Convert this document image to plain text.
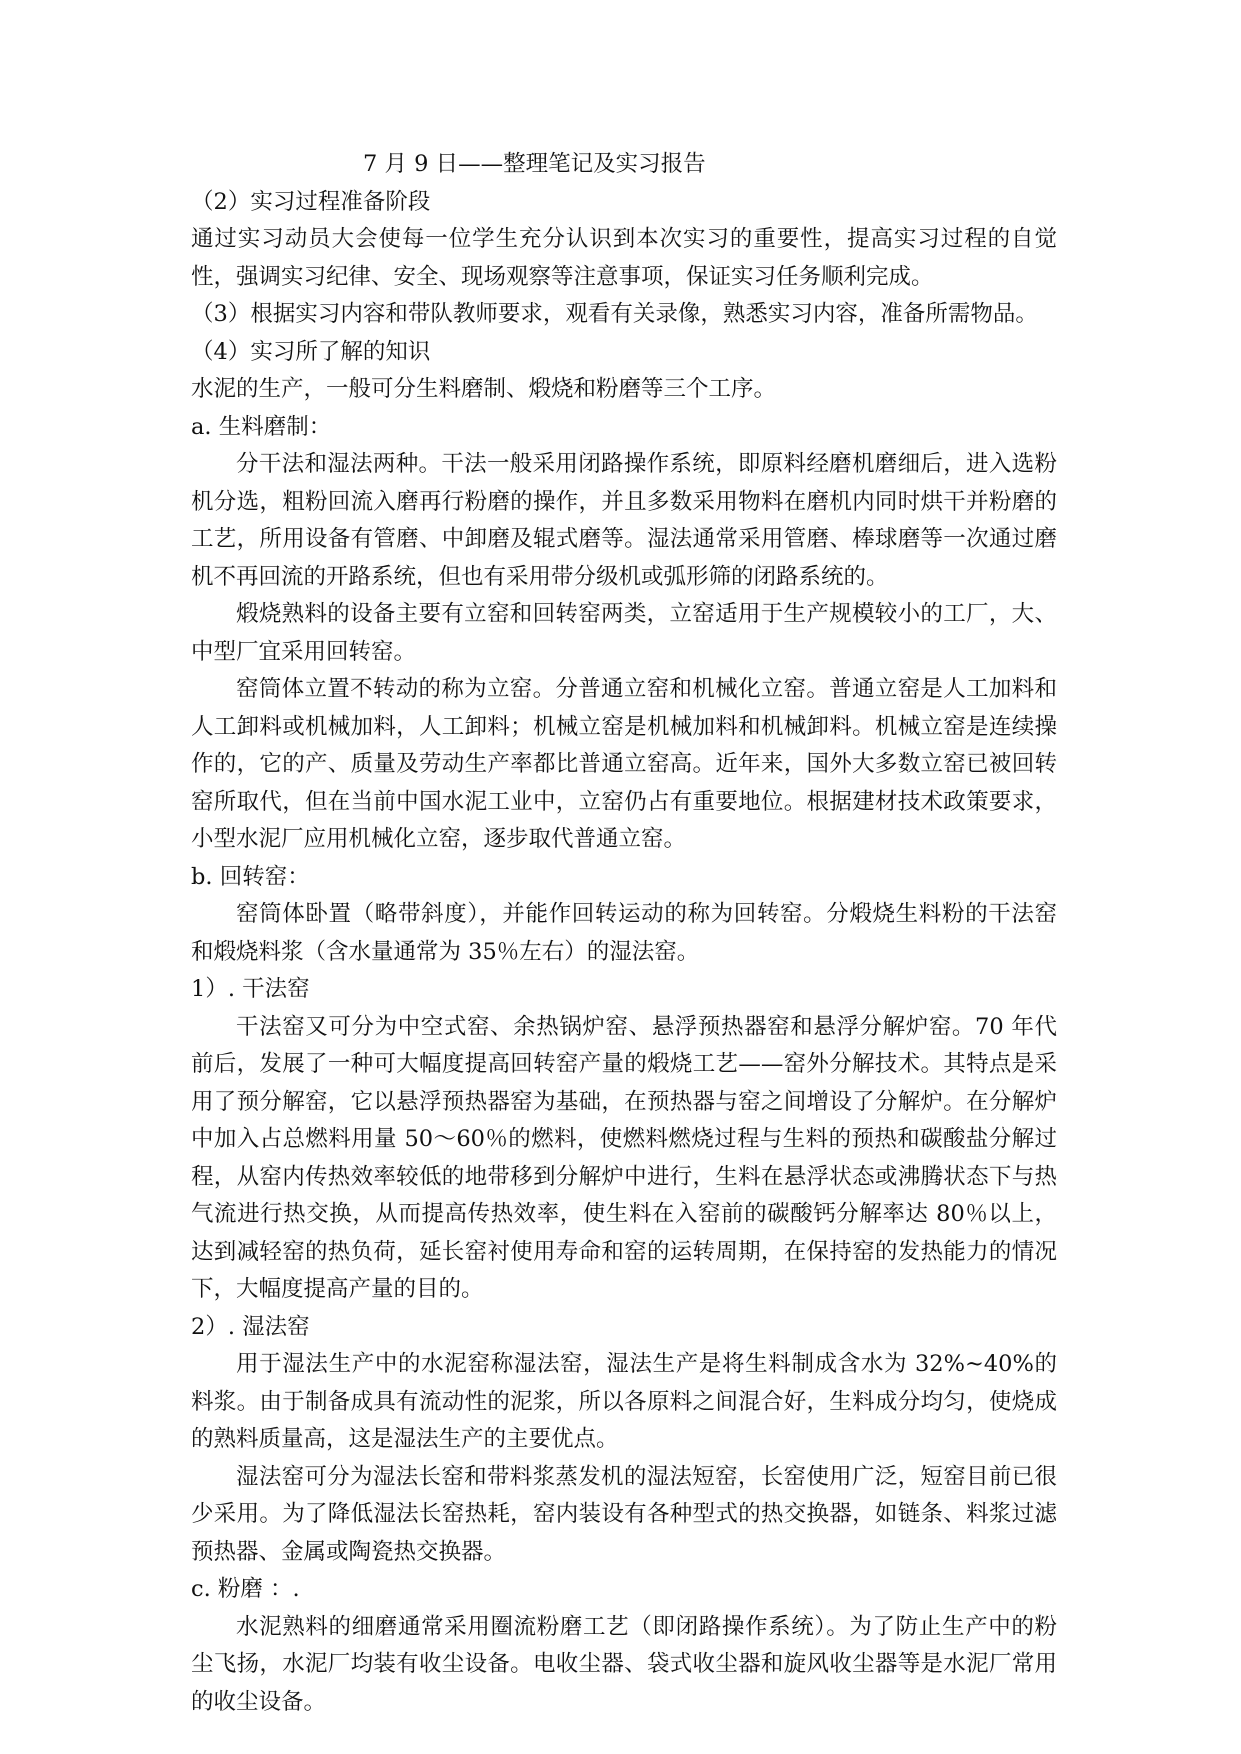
7 月 9 日——整理笔记及实习报告

（2）实习过程准备阶段

通过实习动员大会使每一位学生充分认识到本次实习的重要性，提高实习过程的自觉性，强调实习纪律、安全、现场观察等注意事项，保证实习任务顺利完成。

（3）根据实习内容和带队教师要求，观看有关录像，熟悉实习内容，准备所需物品。

（4）实习所了解的知识

水泥的生产，一般可分生料磨制、煅烧和粉磨等三个工序。

a. 生料磨制：

分干法和湿法两种。干法一般采用闭路操作系统，即原料经磨机磨细后，进入选粉机分选，粗粉回流入磨再行粉磨的操作，并且多数采用物料在磨机内同时烘干并粉磨的工艺，所用设备有管磨、中卸磨及辊式磨等。湿法通常采用管磨、棒球磨等一次通过磨机不再回流的开路系统，但也有采用带分级机或弧形筛的闭路系统的。

煅烧熟料的设备主要有立窑和回转窑两类，立窑适用于生产规模较小的工厂，大、中型厂宜采用回转窑。

窑筒体立置不转动的称为立窑。分普通立窑和机械化立窑。普通立窑是人工加料和人工卸料或机械加料，人工卸料；机械立窑是机械加料和机械卸料。机械立窑是连续操作的，它的产、质量及劳动生产率都比普通立窑高。近年来，国外大多数立窑已被回转窑所取代，但在当前中国水泥工业中，立窑仍占有重要地位。根据建材技术政策要求，小型水泥厂应用机械化立窑，逐步取代普通立窑。

b. 回转窑：

窑筒体卧置（略带斜度），并能作回转运动的称为回转窑。分煅烧生料粉的干法窑和煅烧料浆（含水量通常为 35％左右）的湿法窑。

1）. 干法窑

干法窑又可分为中空式窑、余热锅炉窑、悬浮预热器窑和悬浮分解炉窑。70 年代前后，发展了一种可大幅度提高回转窑产量的煅烧工艺——窑外分解技术。其特点是采用了预分解窑，它以悬浮预热器窑为基础，在预热器与窑之间增设了分解炉。在分解炉中加入占总燃料用量 50～60％的燃料，使燃料燃烧过程与生料的预热和碳酸盐分解过程，从窑内传热效率较低的地带移到分解炉中进行，生料在悬浮状态或沸腾状态下与热气流进行热交换，从而提高传热效率，使生料在入窑前的碳酸钙分解率达 80％以上，达到减轻窑的热负荷，延长窑衬使用寿命和窑的运转周期，在保持窑的发热能力的情况下，大幅度提高产量的目的。

2）. 湿法窑

用于湿法生产中的水泥窑称湿法窑，湿法生产是将生料制成含水为 32%~40%的料浆。由于制备成具有流动性的泥浆，所以各原料之间混合好，生料成分均匀，使烧成的熟料质量高，这是湿法生产的主要优点。

湿法窑可分为湿法长窑和带料浆蒸发机的湿法短窑，长窑使用广泛，短窑目前已很少采用。为了降低湿法长窑热耗，窑内装设有各种型式的热交换器，如链条、料浆过滤预热器、金属或陶瓷热交换器。

c. 粉磨 ：.

水泥熟料的细磨通常采用圈流粉磨工艺（即闭路操作系统）。为了防止生产中的粉尘飞扬，水泥厂均装有收尘设备。电收尘器、袋式收尘器和旋风收尘器等是水泥厂常用的收尘设备。
